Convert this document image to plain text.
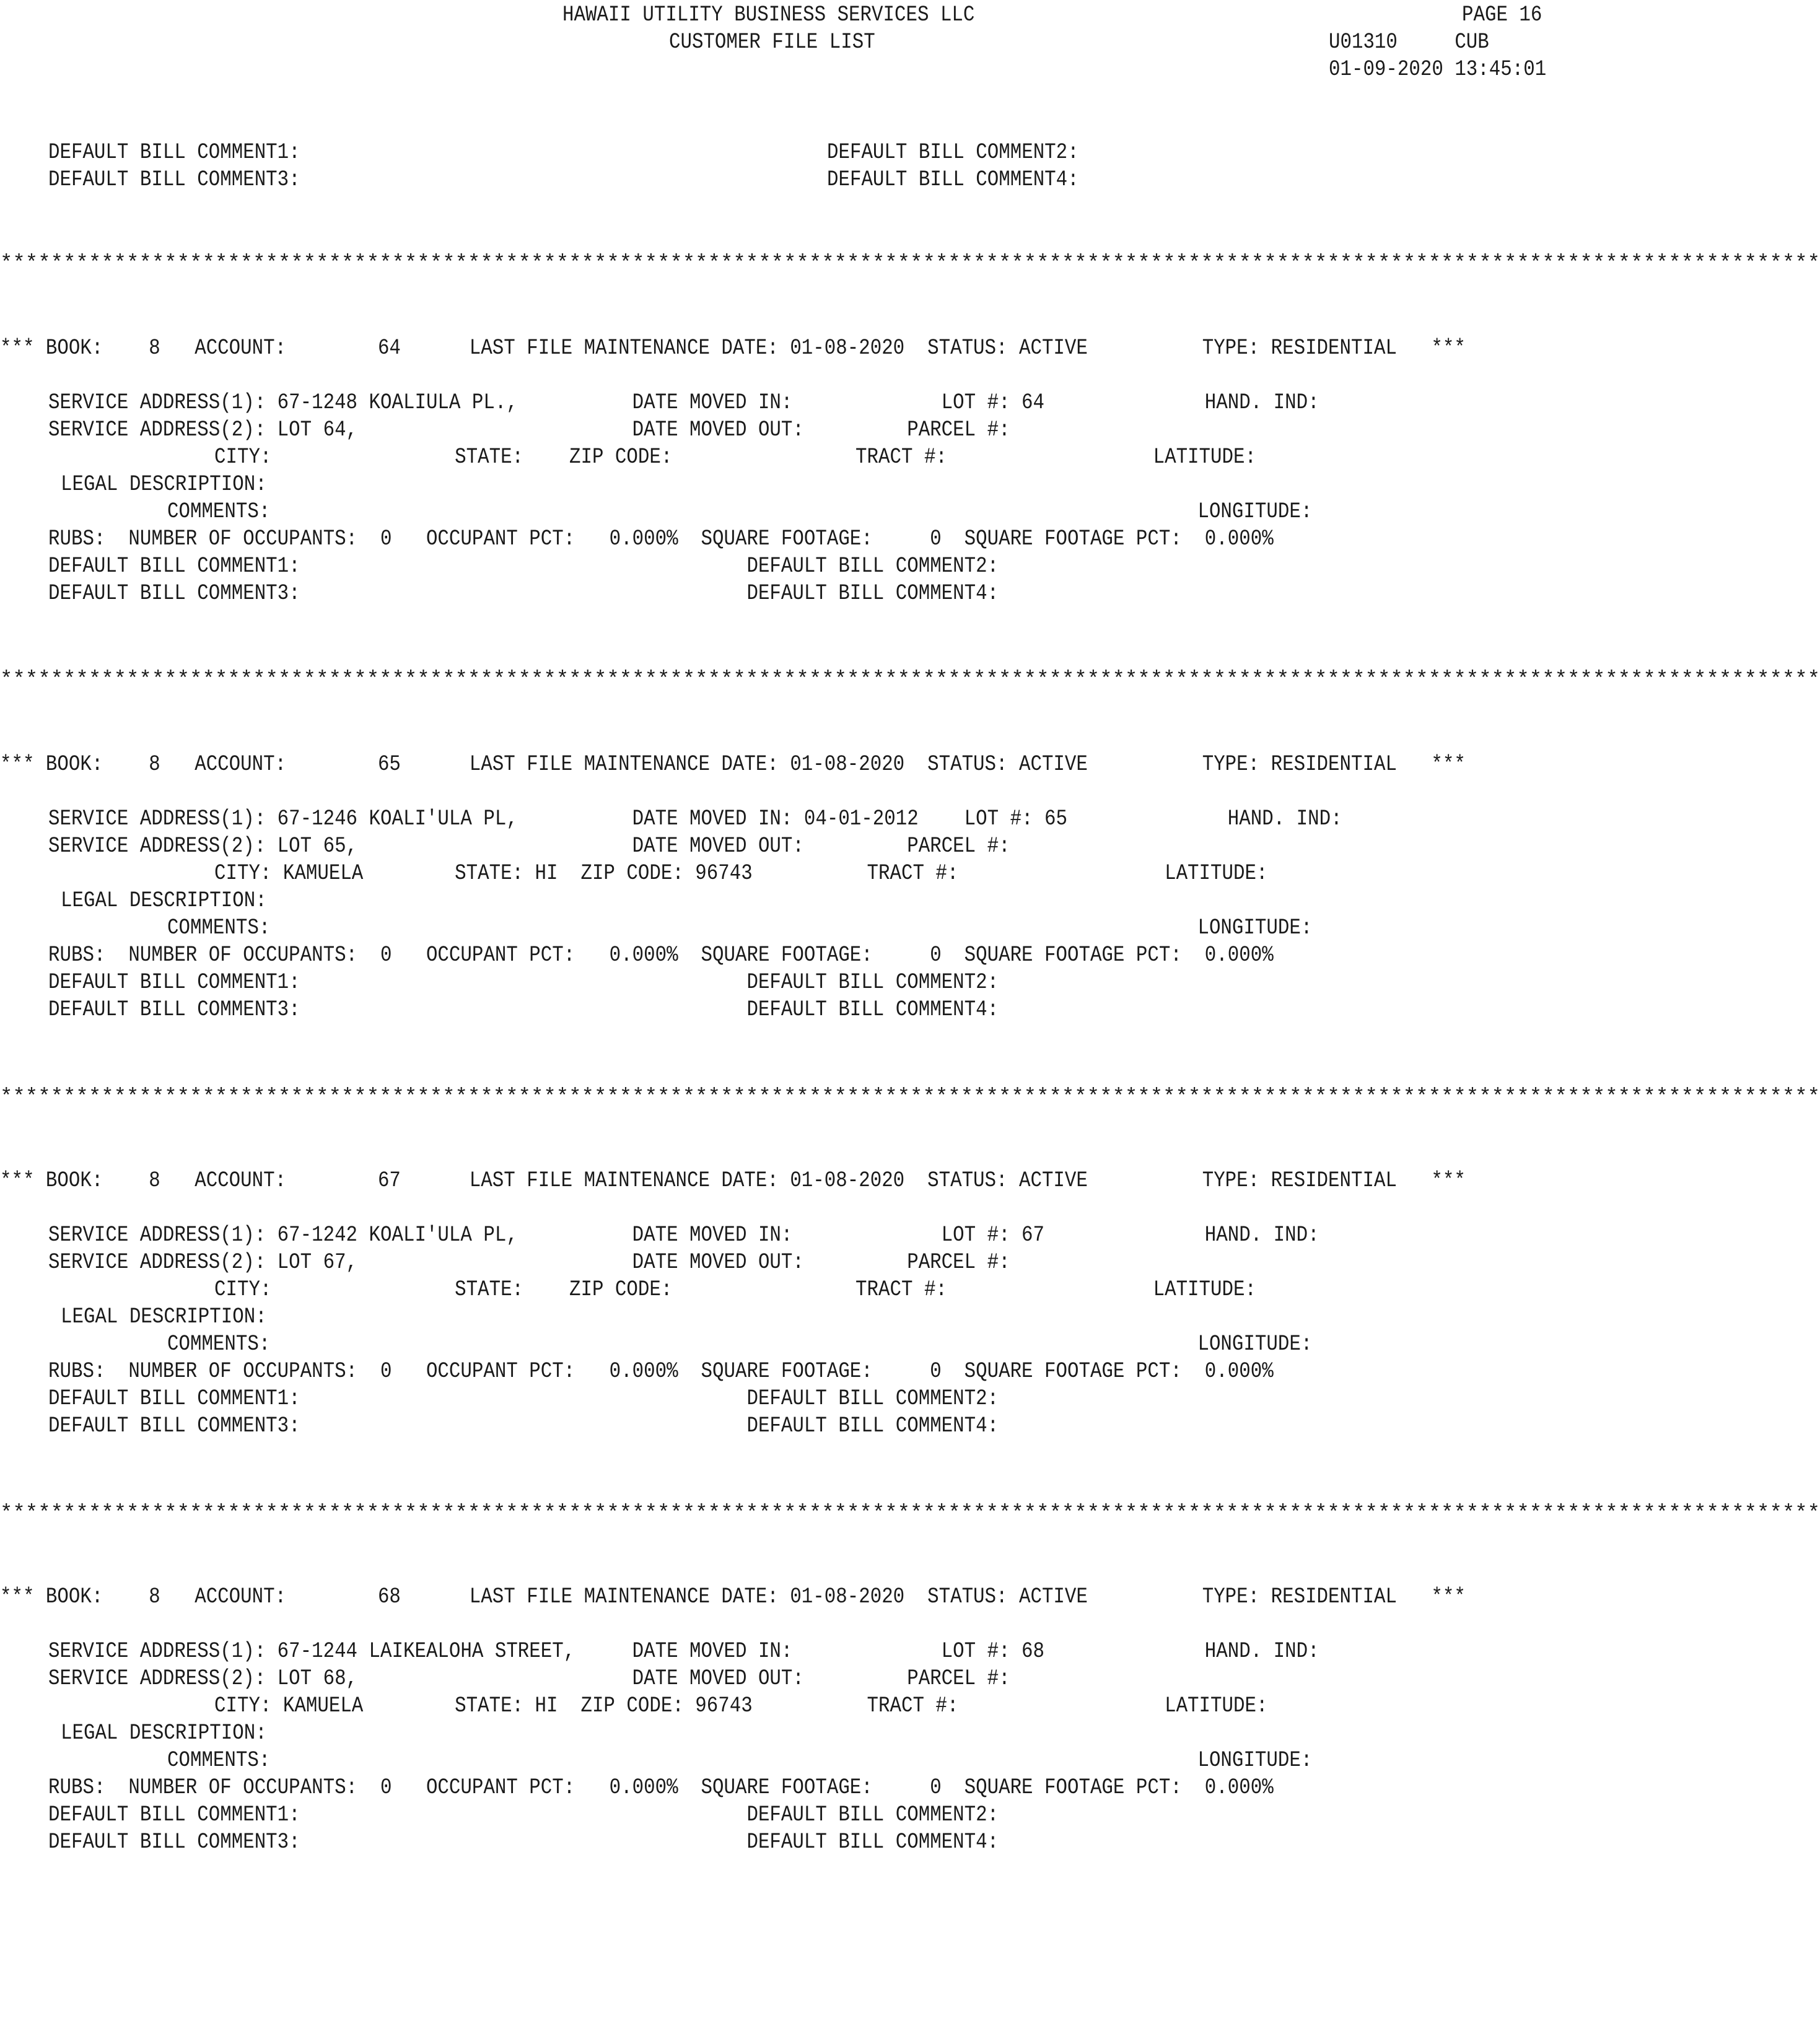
HAWAII UTILITY BUSINESS SERVICES LLC
CUSTOMER FILE LIST
PAGE 16
U01310     CUB
01-09-2020 13:45:01
DEFAULT BILL COMMENT1:	DEFAULT BILL COMMENT2:
DEFAULT BILL COMMENT3:	DEFAULT BILL COMMENT4:
************************************************************************************************************************************************
*** BOOK:    8   ACCOUNT:        64      LAST FILE MAINTENANCE DATE: 01-08-2020  STATUS: ACTIVE          TYPE: RESIDENTIAL   ***
SERVICE ADDRESS(1): 67-1248 KOALIULA PL.,          DATE MOVED IN:             LOT #: 64              HAND. IND:
SERVICE ADDRESS(2): LOT 64,                        DATE MOVED OUT:         PARCEL #:
CITY:                STATE:    ZIP CODE:                TRACT #:                  LATITUDE:
LEGAL DESCRIPTION:
COMMENTS:                                                                                 LONGITUDE:
RUBS:  NUMBER OF OCCUPANTS:  0   OCCUPANT PCT:   0.000%  SQUARE FOOTAGE:     0  SQUARE FOOTAGE PCT:  0.000%
DEFAULT BILL COMMENT1:                                       DEFAULT BILL COMMENT2:
DEFAULT BILL COMMENT3:                                       DEFAULT BILL COMMENT4:
************************************************************************************************************************************************
*** BOOK:    8   ACCOUNT:        65      LAST FILE MAINTENANCE DATE: 01-08-2020  STATUS: ACTIVE          TYPE: RESIDENTIAL   ***
SERVICE ADDRESS(1): 67-1246 KOALI'ULA PL,          DATE MOVED IN: 04-01-2012    LOT #: 65              HAND. IND:
SERVICE ADDRESS(2): LOT 65,                        DATE MOVED OUT:         PARCEL #:
CITY: KAMUELA        STATE: HI  ZIP CODE: 96743          TRACT #:                  LATITUDE:
LEGAL DESCRIPTION:
COMMENTS:                                                                                 LONGITUDE:
RUBS:  NUMBER OF OCCUPANTS:  0   OCCUPANT PCT:   0.000%  SQUARE FOOTAGE:     0  SQUARE FOOTAGE PCT:  0.000%
DEFAULT BILL COMMENT1:                                       DEFAULT BILL COMMENT2:
DEFAULT BILL COMMENT3:                                       DEFAULT BILL COMMENT4:
************************************************************************************************************************************************
*** BOOK:    8   ACCOUNT:        67      LAST FILE MAINTENANCE DATE: 01-08-2020  STATUS: ACTIVE          TYPE: RESIDENTIAL   ***
SERVICE ADDRESS(1): 67-1242 KOALI'ULA PL,          DATE MOVED IN:             LOT #: 67              HAND. IND:
SERVICE ADDRESS(2): LOT 67,                        DATE MOVED OUT:         PARCEL #:
CITY:                STATE:    ZIP CODE:                TRACT #:                  LATITUDE:
LEGAL DESCRIPTION:
COMMENTS:                                                                                 LONGITUDE:
RUBS:  NUMBER OF OCCUPANTS:  0   OCCUPANT PCT:   0.000%  SQUARE FOOTAGE:     0  SQUARE FOOTAGE PCT:  0.000%
DEFAULT BILL COMMENT1:                                       DEFAULT BILL COMMENT2:
DEFAULT BILL COMMENT3:                                       DEFAULT BILL COMMENT4:
************************************************************************************************************************************************
*** BOOK:    8   ACCOUNT:        68      LAST FILE MAINTENANCE DATE: 01-08-2020  STATUS: ACTIVE          TYPE: RESIDENTIAL   ***
SERVICE ADDRESS(1): 67-1244 LAIKEALOHA STREET,     DATE MOVED IN:             LOT #: 68              HAND. IND:
SERVICE ADDRESS(2): LOT 68,                        DATE MOVED OUT:         PARCEL #:
CITY: KAMUELA        STATE: HI  ZIP CODE: 96743          TRACT #:                  LATITUDE:
LEGAL DESCRIPTION:
COMMENTS:                                                                                 LONGITUDE:
RUBS:  NUMBER OF OCCUPANTS:  0   OCCUPANT PCT:   0.000%  SQUARE FOOTAGE:     0  SQUARE FOOTAGE PCT:  0.000%
DEFAULT BILL COMMENT1:                                       DEFAULT BILL COMMENT2:
DEFAULT BILL COMMENT3:                                       DEFAULT BILL COMMENT4:
